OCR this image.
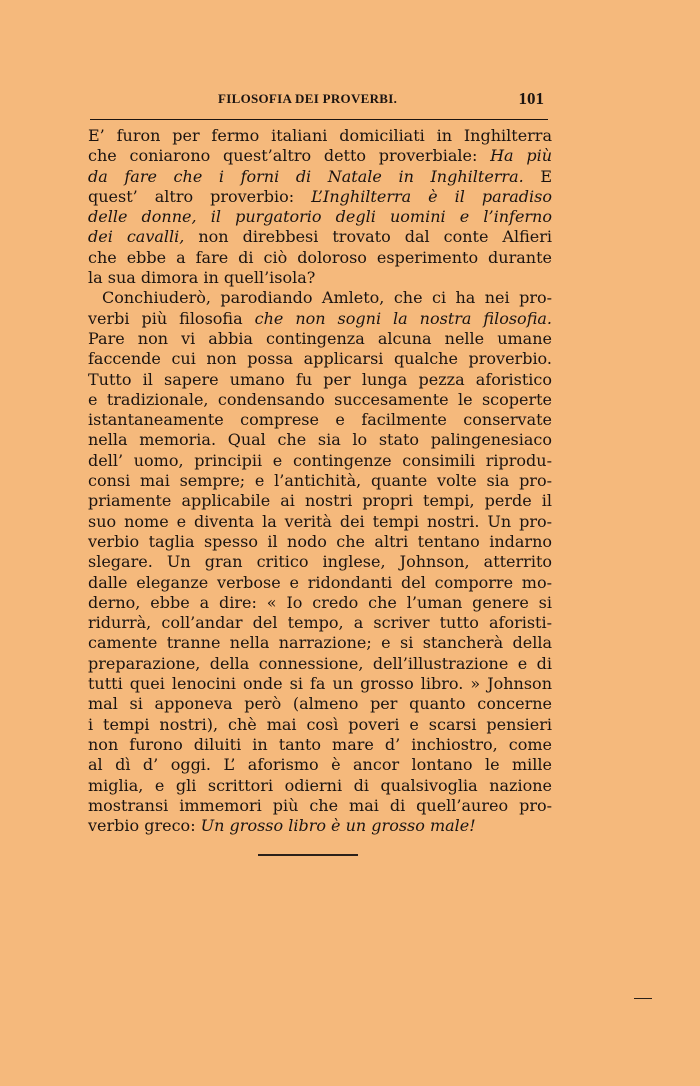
FILOSOFIA DEI PROVERBI.	101
E’ furon per fermo italiani domiciliati in Inghilterra
che coniarono quest’altro detto proverbiale: Ha più
da fare che i forni di Natale in Inghilterra. E
quest’ altro proverbio: L’Inghilterra è il paradiso
delle donne, il purgatorio degli uomini e l’inferno
dei cavalli, non direbbesi trovato dal conte Alfieri
che ebbe a fare di ciò doloroso esperimento durante
la sua dimora in quell’isola?
Conchiuderò, parodiando Amleto, che ci ha nei pro-
verbi più filosofia che non sogni la nostra filosofia.
Pare non vi abbia contingenza alcuna nelle umane
faccende cui non possa applicarsi qualche proverbio.
Tutto il sapere umano fu per lunga pezza aforistico
e tradizionale, condensando succesamente le scoperte
istantaneamente comprese e facilmente conservate
nella memoria. Qual che sia lo stato palingenesiaco
dell’ uomo, principii e contingenze consimili riprodu-
consi mai sempre; e l’antichità, quante volte sia pro-
priamente applicabile ai nostri propri tempi, perde il
suo nome e diventa la verità dei tempi nostri. Un pro-
verbio taglia spesso il nodo che altri tentano indarno
slegare. Un gran critico inglese, Johnson, atterrito
dalle eleganze verbose e ridondanti del comporre mo-
derno, ebbe a dire: « Io credo che l’uman genere si
ridurrà, coll’andar del tempo, a scriver tutto aforisti-
camente tranne nella narrazione; e si stancherà della
preparazione, della connessione, dell’illustrazione e di
tutti quei lenocini onde si fa un grosso libro. » Johnson
mal si apponeva però (almeno per quanto concerne
i tempi nostri), chè mai così poveri e scarsi pensieri
non furono diluiti in tanto mare d’ inchiostro, come
al dì d’ oggi. L’ aforismo è ancor lontano le mille
miglia, e gli scrittori odierni di qualsivoglia nazione
mostransi immemori più che mai di quell’aureo pro-
verbio greco: Un grosso libro è un grosso male!
